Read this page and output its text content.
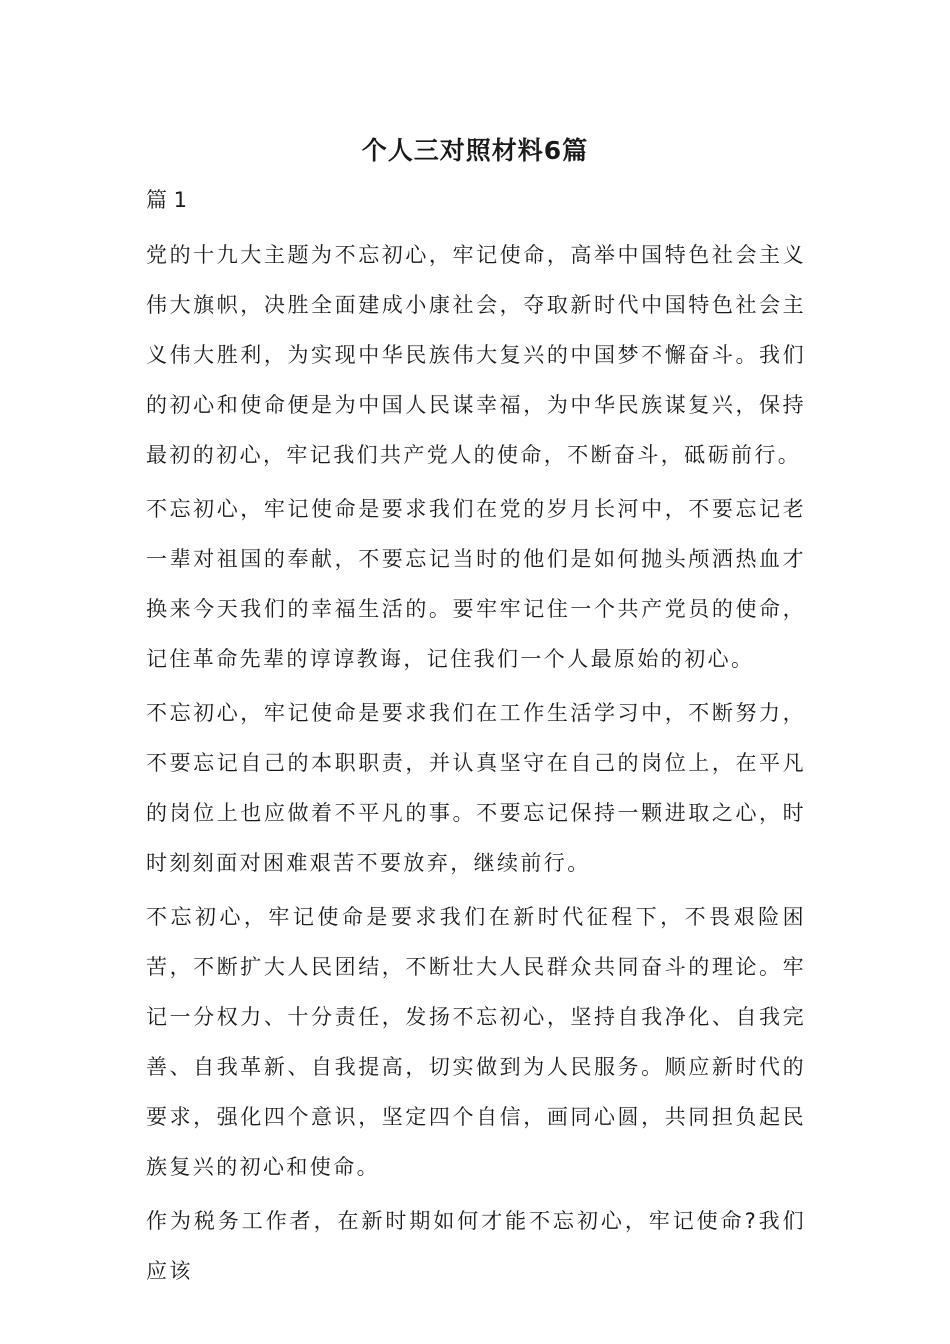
个人三对照材料6篇

篇 1

党的十九大主题为不忘初心，牢记使命，高举中国特色社会主义伟大旗帜，决胜全面建成小康社会，夺取新时代中国特色社会主义伟大胜利，为实现中华民族伟大复兴的中国梦不懈奋斗。我们的初心和使命便是为中国人民谋幸福，为中华民族谋复兴，保持最初的初心，牢记我们共产党人的使命，不断奋斗，砥砺前行。

不忘初心，牢记使命是要求我们在党的岁月长河中，不要忘记老一辈对祖国的奉献，不要忘记当时的他们是如何抛头颅洒热血才换来今天我们的幸福生活的。要牢牢记住一个共产党员的使命，记住革命先辈的谆谆教诲，记住我们一个人最原始的初心。

不忘初心，牢记使命是要求我们在工作生活学习中，不断努力，不要忘记自己的本职职责，并认真坚守在自己的岗位上，在平凡的岗位上也应做着不平凡的事。不要忘记保持一颗进取之心，时时刻刻面对困难艰苦不要放弃，继续前行。

不忘初心，牢记使命是要求我们在新时代征程下，不畏艰险困苦，不断扩大人民团结，不断壮大人民群众共同奋斗的理论。牢记一分权力、十分责任，发扬不忘初心，坚持自我净化、自我完善、自我革新、自我提高，切实做到为人民服务。顺应新时代的要求，强化四个意识，坚定四个自信，画同心圆，共同担负起民族复兴的初心和使命。

作为税务工作者，在新时期如何才能不忘初心，牢记使命?我们应该
